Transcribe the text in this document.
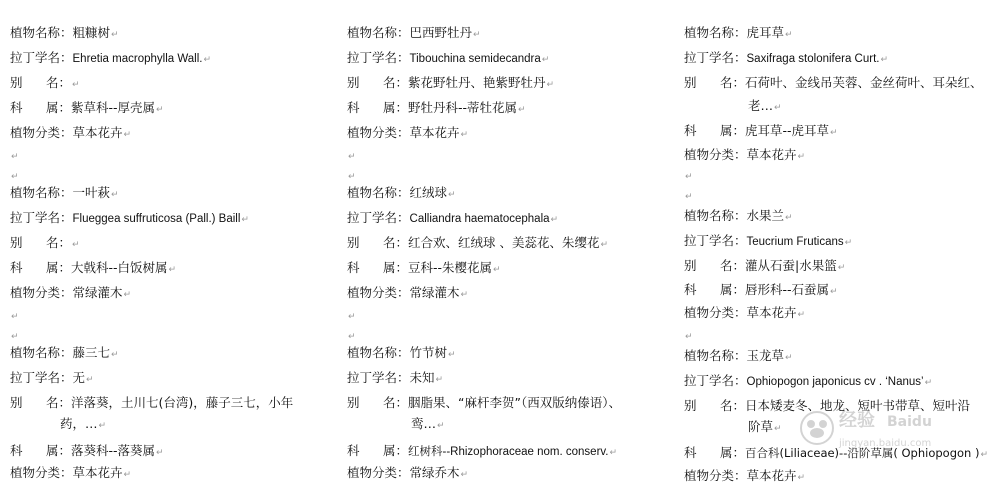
植物名称：粗糠树↵
拉丁学名：Ehretia macrophylla Wall.↵
别 名：↵
科 属：紫草科--厚壳属↵
植物分类：草本花卉↵
↵
↵
植物名称：一叶萩↵
拉丁学名：Flueggea suffruticosa (Pall.) Baill↵
别 名：↵
科 属：大戟科--白饭树属↵
植物分类：常绿灌木↵
↵
↵
植物名称：藤三七↵
拉丁学名：无↵
别 名：洋落葵，土川七(台湾)，藤子三七，小年
药，…↵
科 属：落葵科--落葵属↵
植物分类：草本花卉↵
植物名称：巴西野牡丹↵
拉丁学名：Tibouchina semidecandra↵
别 名：紫花野牡丹、艳紫野牡丹↵
科 属：野牡丹科--蒂牡花属↵
植物分类：草本花卉↵
↵
↵
植物名称：红绒球↵
拉丁学名：Calliandra haematocephala↵
别 名：红合欢、红绒球 、美蕊花、朱缨花↵
科 属：豆科--朱樱花属↵
植物分类：常绿灌木↵
↵
↵
植物名称：竹节树↵
拉丁学名：未知↵
别 名：胭脂果、“麻杆李贺”（西双版纳傣语）、
鸾…↵
科 属：红树科--Rhizophoraceae nom. conserv.↵
植物分类：常绿乔木↵
植物名称：虎耳草↵
拉丁学名：Saxifraga stolonifera Curt.↵
别 名：石荷叶、金线吊芙蓉、金丝荷叶、耳朵红、
老…↵
科 属：虎耳草--虎耳草↵
植物分类：草本花卉↵
↵
↵
植物名称：水果兰↵
拉丁学名：Teucrium Fruticans↵
别 名：灌从石蚕|水果篮↵
科 属：唇形科--石蚕属↵
植物分类：草本花卉↵
↵
植物名称：玉龙草↵
拉丁学名：Ophiopogon japonicus cv . ‘Nanus’↵
别 名：日本矮麦冬、地龙、短叶书带草、短叶沿
阶草↵
科 属：百合科(Liliaceae)--沿阶草属( Ophiopogon )↵
植物分类：草本花卉↵
经验
jingyan.baidu.com
Baidu
